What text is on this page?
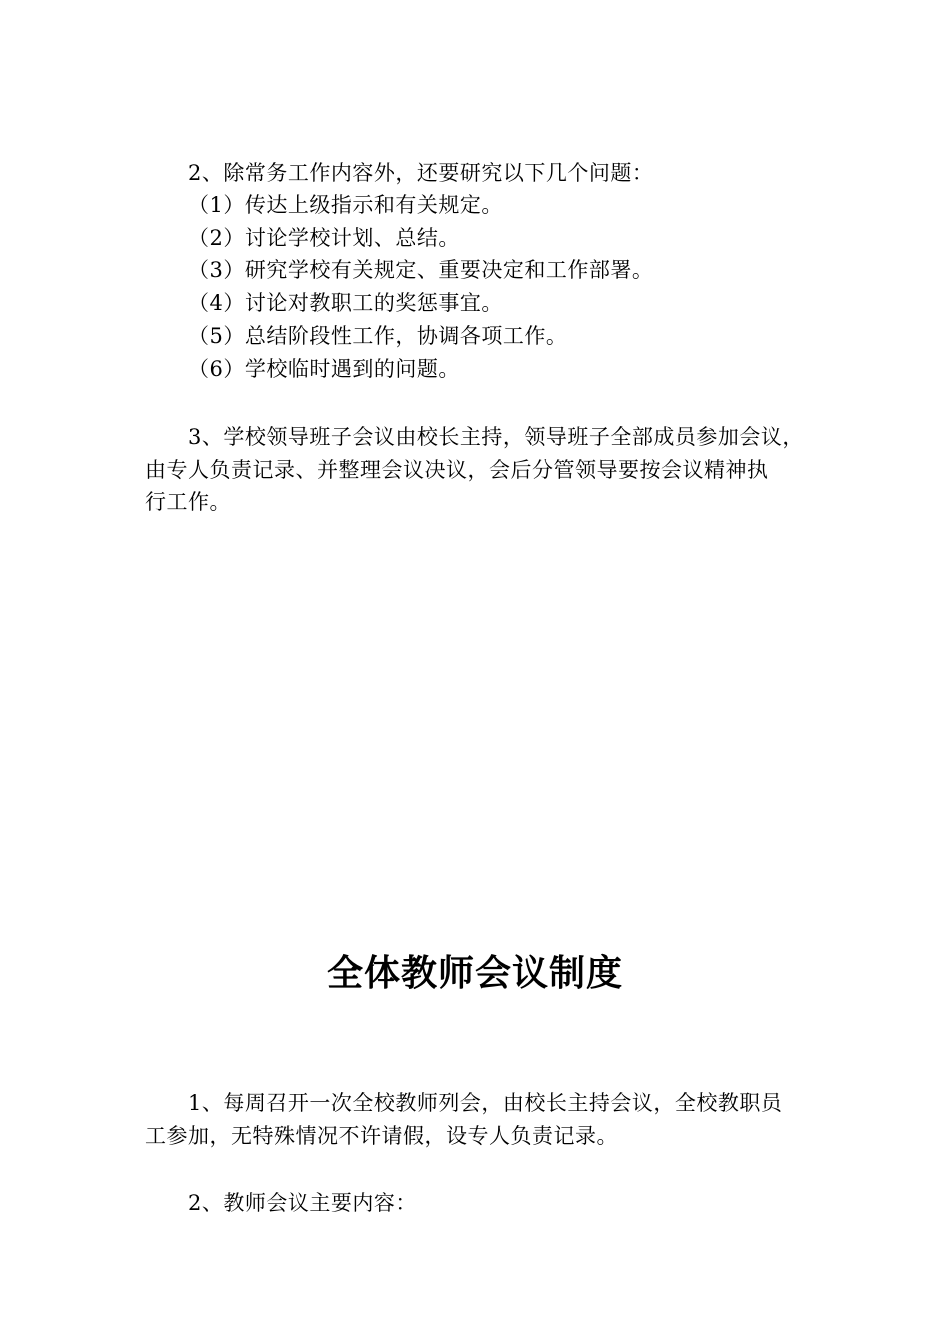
2、除常务工作内容外，还要研究以下几个问题：
（1）传达上级指示和有关规定。
（2）讨论学校计划、总结。
（3）研究学校有关规定、重要决定和工作部署。
（4）讨论对教职工的奖惩事宜。
（5）总结阶段性工作，协调各项工作。
（6）学校临时遇到的问题。
3、学校领导班子会议由校长主持，领导班子全部成员参加会议，
由专人负责记录、并整理会议决议，会后分管领导要按会议精神执
行工作。
全体教师会议制度
1、每周召开一次全校教师列会，由校长主持会议，全校教职员
工参加，无特殊情况不许请假，设专人负责记录。
2、教师会议主要内容：
